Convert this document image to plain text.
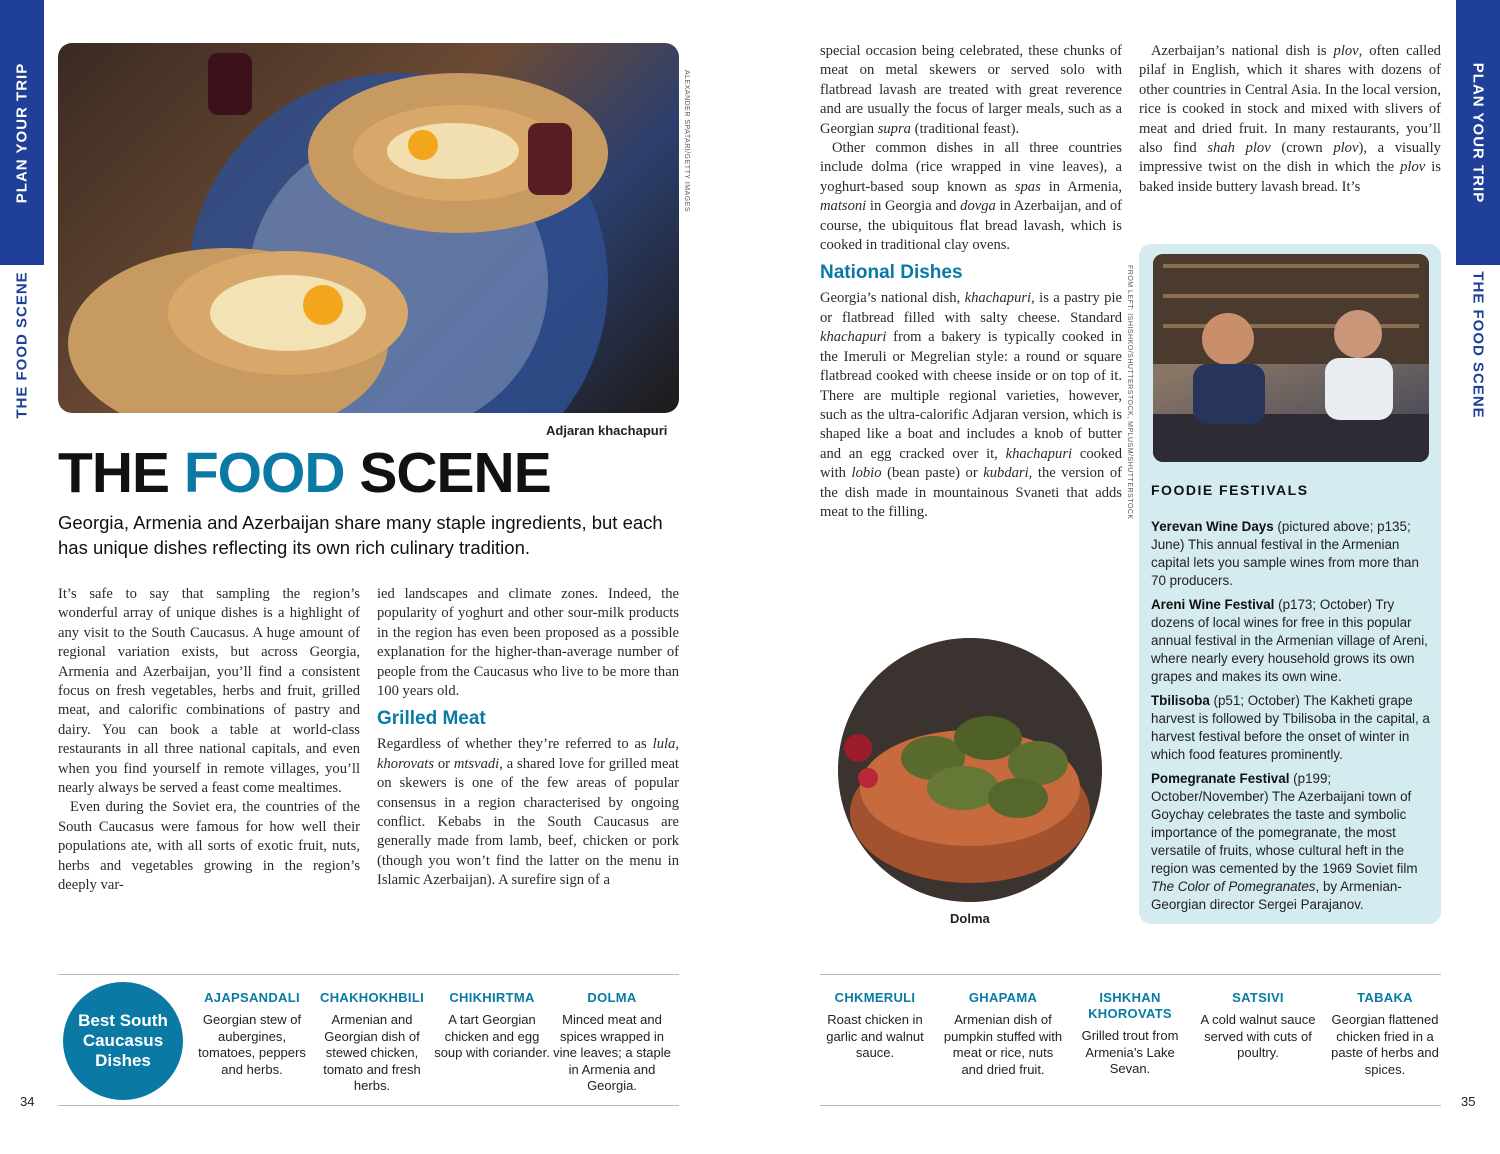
PLAN YOUR TRIP
THE FOOD SCENE
PLAN YOUR TRIP
THE FOOD SCENE
34	35
ALEXANDER SPATARI/GETTY IMAGES
Adjaran khachapuri
THE FOOD SCENE
Georgia, Armenia and Azerbaijan share many staple ingredients, but each has unique dishes reflecting its own rich culinary tradition.

It’s safe to say that sampling the region’s wonderful array of unique dishes is a highlight of any visit to the South Caucasus. A huge amount of regional variation exists, but across Georgia, Armenia and Azerbaijan, you’ll find a consistent focus on fresh vegetables, herbs and fruit, grilled meat, and calorific combinations of pastry and dairy. You can book a table at world-class restaurants in all three national capitals, and even when you find yourself in remote villages, you’ll nearly always be served a feast come mealtimes.

Even during the Soviet era, the countries of the South Caucasus were famous for how well their populations ate, with all sorts of exotic fruit, nuts, herbs and vegetables growing in the region’s deeply var-

ied landscapes and climate zones. Indeed, the popularity of yoghurt and other sour-milk products in the region has even been proposed as a possible explanation for the higher-than-average number of people from the Caucasus who live to be more than 100 years old.

Grilled Meat

Regardless of whether they’re referred to as lula, khorovats or mtsvadi, a shared love for grilled meat on skewers is one of the few areas of popular consensus in a region characterised by ongoing conflict. Kebabs in the South Caucasus are generally made from lamb, beef, chicken or pork (though you won’t find the latter on the menu in Islamic Azerbaijan). A surefire sign of a

special occasion being celebrated, these chunks of meat on metal skewers or served solo with flatbread lavash are treated with great reverence and are usually the focus of larger meals, such as a Georgian supra (traditional feast).

Other common dishes in all three countries include dolma (rice wrapped in vine leaves), a yoghurt-based soup known as spas in Armenia, matsoni in Georgia and dovga in Azerbaijan, and of course, the ubiquitous flat bread lavash, which is cooked in traditional clay ovens.

National Dishes

Georgia’s national dish, khachapuri, is a pastry pie or flatbread filled with salty cheese. Standard khachapuri from a bakery is typically cooked in the Imeruli or Megrelian style: a round or square flatbread cooked with cheese inside or on top of it. There are multiple regional varieties, however, such as the ultra-calorific Adjaran version, which is shaped like a boat and includes a knob of butter and an egg cracked over it, khachapuri cooked with lobio (bean paste) or kubdari, the version of the dish made in mountainous Svaneti that adds meat to the filling.	FROM LEFT: ISHISHKO/SHUTTERSTOCK, MPLUSM/SHUTTERSTOCK

Azerbaijan’s national dish is plov, often called pilaf in English, which it shares with dozens of other countries in Central Asia. In the local version, rice is cooked in stock and mixed with slivers of meat and dried fruit. In many restaurants, you’ll also find shah plov (crown plov), a visually impressive twist on the dish in which the plov is baked inside buttery lavash bread. It’s

FOODIE FESTIVALS

Yerevan Wine Days (pictured above; p135; June) This annual festival in the Armenian capital lets you sample wines from more than 70 producers.

Areni Wine Festival (p173; October) Try dozens of local wines for free in this popular annual festival in the Armenian village of Areni, where nearly every household grows its own grapes and makes its own wine.

Tbilisoba (p51; October) The Kakheti grape harvest is followed by Tbilisoba in the capital, a harvest festival before the onset of winter in which food features prominently.

Pomegranate Festival (p199; October/November) The Azerbaijani town of Goychay celebrates the taste and symbolic importance of the pomegranate, the most versatile of fruits, whose cultural heft in the region was cemented by the 1969 Soviet film The Color of Pomegranates, by Armenian-Georgian director Sergei Parajanov.

Dolma
Best South Caucasus Dishes
AJAPSANDALI
Georgian stew of aubergines, tomatoes, peppers and herbs.
CHAKHOKHBILI
Armenian and Georgian dish of stewed chicken, tomato and fresh herbs.
CHIKHIRTMA
A tart Georgian chicken and egg soup with coriander.
DOLMA
Minced meat and spices wrapped in vine leaves; a staple in Armenia and Georgia.
CHKMERULI
Roast chicken in garlic and walnut sauce.
GHAPAMA
Armenian dish of pumpkin stuffed with meat or rice, nuts and dried fruit.
ISHKHAN KHOROVATS
Grilled trout from Armenia’s Lake Sevan.
SATSIVI
A cold walnut sauce served with cuts of poultry.
TABAKA
Georgian flattened chicken fried in a paste of herbs and spices.
